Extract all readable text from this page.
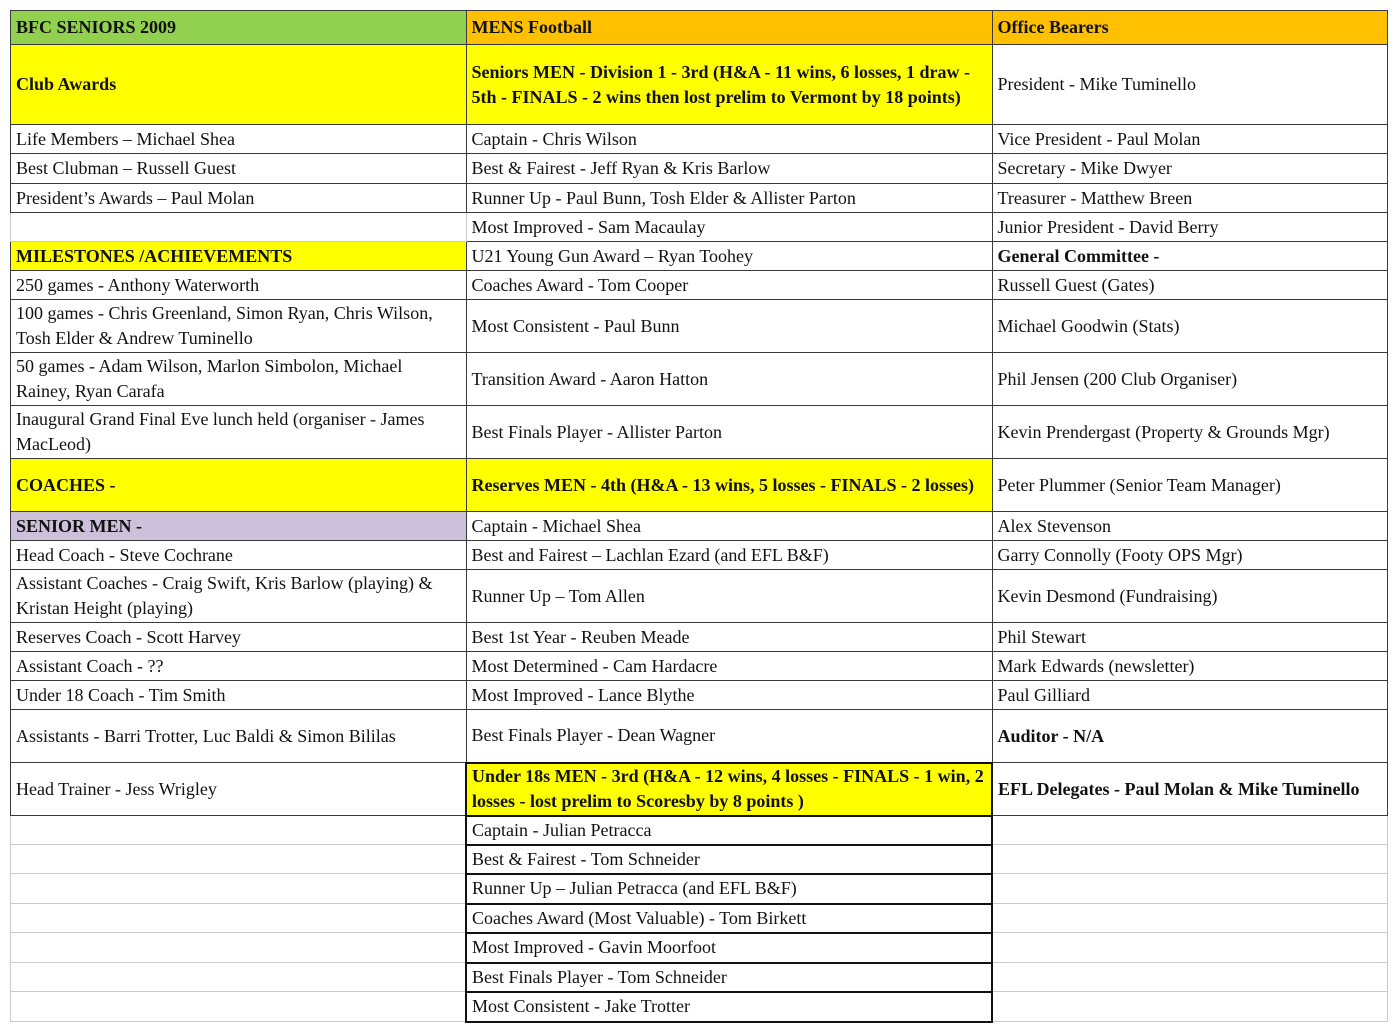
BFC SENIORS 2009	MENS Football	Office Bearers
Club Awards	Seniors MEN - Division 1 - 3rd (H&A - 11 wins, 6 losses, 1 draw - 5th - FINALS - 2 wins then lost prelim to Vermont by 18 points)	President - Mike Tuminello
Life Members – Michael Shea	Captain - Chris Wilson	Vice President - Paul Molan
Best Clubman – Russell Guest	Best & Fairest - Jeff Ryan & Kris Barlow	Secretary - Mike Dwyer
President’s Awards – Paul Molan	Runner Up - Paul Bunn, Tosh Elder & Allister Parton	Treasurer - Matthew Breen
	Most Improved - Sam Macaulay	Junior President - David Berry
MILESTONES /ACHIEVEMENTS	U21 Young Gun Award – Ryan Toohey	General Committee -
250 games - Anthony Waterworth	Coaches Award - Tom Cooper	Russell Guest (Gates)
100 games - Chris Greenland, Simon Ryan, Chris Wilson, Tosh Elder & Andrew Tuminello	Most Consistent - Paul Bunn	Michael Goodwin (Stats)
50 games - Adam Wilson, Marlon Simbolon, Michael Rainey, Ryan Carafa	Transition Award - Aaron Hatton	Phil Jensen (200 Club Organiser)
Inaugural Grand Final Eve lunch held (organiser - James MacLeod)	Best Finals Player - Allister Parton	Kevin Prendergast (Property & Grounds Mgr)
COACHES -	Reserves MEN - 4th (H&A - 13 wins, 5 losses - FINALS - 2 losses)	Peter Plummer (Senior Team Manager)
SENIOR MEN -	Captain - Michael Shea	Alex Stevenson
Head Coach - Steve Cochrane	Best and Fairest – Lachlan Ezard (and EFL B&F)	Garry Connolly (Footy OPS Mgr)
Assistant Coaches - Craig Swift, Kris Barlow (playing) & Kristan Height (playing)	Runner Up – Tom Allen	Kevin Desmond (Fundraising)
Reserves Coach - Scott Harvey	Best 1st Year - Reuben Meade	Phil Stewart
Assistant Coach - ??	Most Determined - Cam Hardacre	Mark Edwards (newsletter)
Under 18 Coach - Tim Smith	Most Improved - Lance Blythe	Paul Gilliard
Assistants - Barri Trotter, Luc Baldi & Simon Bililas	Best Finals Player - Dean Wagner	Auditor - N/A
Head Trainer - Jess Wrigley	Under 18s MEN - 3rd (H&A - 12 wins, 4 losses - FINALS - 1 win, 2 losses - lost prelim to Scoresby by 8 points )	EFL Delegates - Paul Molan & Mike Tuminello
	Captain - Julian Petracca	
	Best & Fairest - Tom Schneider	
	Runner Up – Julian Petracca (and EFL B&F)	
	Coaches Award (Most Valuable) - Tom Birkett	
	Most Improved - Gavin Moorfoot	
	Best Finals Player - Tom Schneider	
	Most Consistent - Jake Trotter	
